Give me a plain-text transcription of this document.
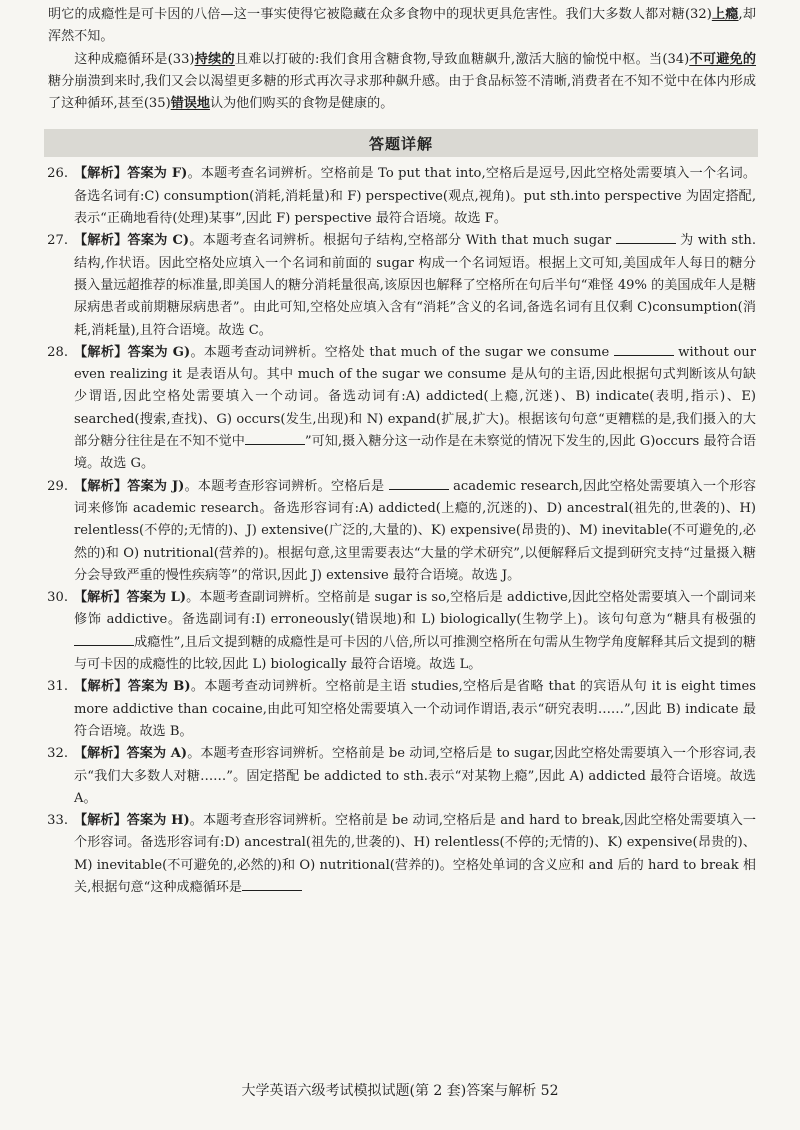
明它的成瘾性是可卡因的八倍—这一事实使得它被隐藏在众多食物中的现状更具危害性。我们大多数人都对糖(32)上瘾,却浑然不知。

这种成瘾循环是(33)持续的且难以打破的:我们食用含糖食物,导致血糖飙升,激活大脑的愉悦中枢。当(34)不可避免的糖分崩溃到来时,我们又会以渴望更多糖的形式再次寻求那种飙升感。由于食品标签不清晰,消费者在不知不觉中在体内形成了这种循环,甚至(35)错误地认为他们购买的食物是健康的。

答题详解
26. 【解析】答案为 F)。本题考查名词辨析。空格前是 To put that into,空格后是逗号,因此空格处需要填入一个名词。备选名词有:C) consumption(消耗,消耗量)和 F) perspective(观点,视角)。put sth.into perspective 为固定搭配,表示“正确地看待(处理)某事”,因此 F) perspective 最符合语境。故选 F。
27. 【解析】答案为 C)。本题考查名词辨析。根据句子结构,空格部分 With that much sugar	为 with sth.结构,作状语。因此空格处应填入一个名词和前面的 sugar 构成一个名词短语。根据上文可知,美国成年人每日的糖分摄入量远超推荐的标准量,即美国人的糖分消耗量很高,该原因也解释了空格所在句后半句“难怪 49% 的美国成年人是糖尿病患者或前期糖尿病患者”。由此可知,空格处应填入含有“消耗”含义的名词,备选名词有且仅剩 C)consumption(消耗,消耗量),且符合语境。故选 C。
28. 【解析】答案为 G)。本题考查动词辨析。空格处 that much of the sugar we consume	without our even realizing it 是表语从句。其中 much of the sugar we consume 是从句的主语,因此根据句式判断该从句缺少谓语,因此空格处需要填入一个动词。备选动词有:A) addicted(上瘾,沉迷)、B) indicate(表明,指示)、E) searched(搜索,查找)、G) occurs(发生,出现)和 N) expand(扩展,扩大)。根据该句句意“更糟糕的是,我们摄入的大部分糖分往往是在不知不觉中	”可知,摄入糖分这一动作是在未察觉的情况下发生的,因此 G)occurs 最符合语境。故选 G。
29. 【解析】答案为 J)。本题考查形容词辨析。空格后是	academic research,因此空格处需要填入一个形容词来修饰 academic research。备选形容词有:A) addicted(上瘾的,沉迷的)、D) ancestral(祖先的,世袭的)、H) relentless(不停的;无情的)、J) extensive(广泛的,大量的)、K) expensive(昂贵的)、M) inevitable(不可避免的,必然的)和 O) nutritional(营养的)。根据句意,这里需要表达“大量的学术研究”,以便解释后文提到研究支持“过量摄入糖分会导致严重的慢性疾病等”的常识,因此 J) extensive 最符合语境。故选 J。
30. 【解析】答案为 L)。本题考查副词辨析。空格前是 sugar is so,空格后是 addictive,因此空格处需要填入一个副词来修饰 addictive。备选副词有:I) erroneously(错误地)和 L) biologically(生物学上)。该句句意为“糖具有极强的成瘾性”,且后文提到糖的成瘾性是可卡因的八倍,所以可推测空格所在句需从生物学角度解释其后文提到的糖与可卡因的成瘾性的比较,因此 L) biologically 最符合语境。故选 L。
31. 【解析】答案为 B)。本题考查动词辨析。空格前是主语 studies,空格后是省略 that 的宾语从句 it is eight times more addictive than cocaine,由此可知空格处需要填入一个动词作谓语,表示“研究表明……”,因此 B) indicate 最符合语境。故选 B。
32. 【解析】答案为 A)。本题考查形容词辨析。空格前是 be 动词,空格后是 to sugar,因此空格处需要填入一个形容词,表示“我们大多数人对糖……”。固定搭配 be addicted to sth.表示“对某物上瘾”,因此 A) addicted 最符合语境。故选 A。
33. 【解析】答案为 H)。本题考查形容词辨析。空格前是 be 动词,空格后是 and hard to break,因此空格处需要填入一个形容词。备选形容词有:D) ancestral(祖先的,世袭的)、H) relentless(不停的;无情的)、K) expensive(昂贵的)、M) inevitable(不可避免的,必然的)和 O) nutritional(营养的)。空格处单词的含义应和 and 后的 hard to break 相关,根据句意“这种成瘾循环是
大学英语六级考试模拟试题(第 2 套)答案与解析 52
